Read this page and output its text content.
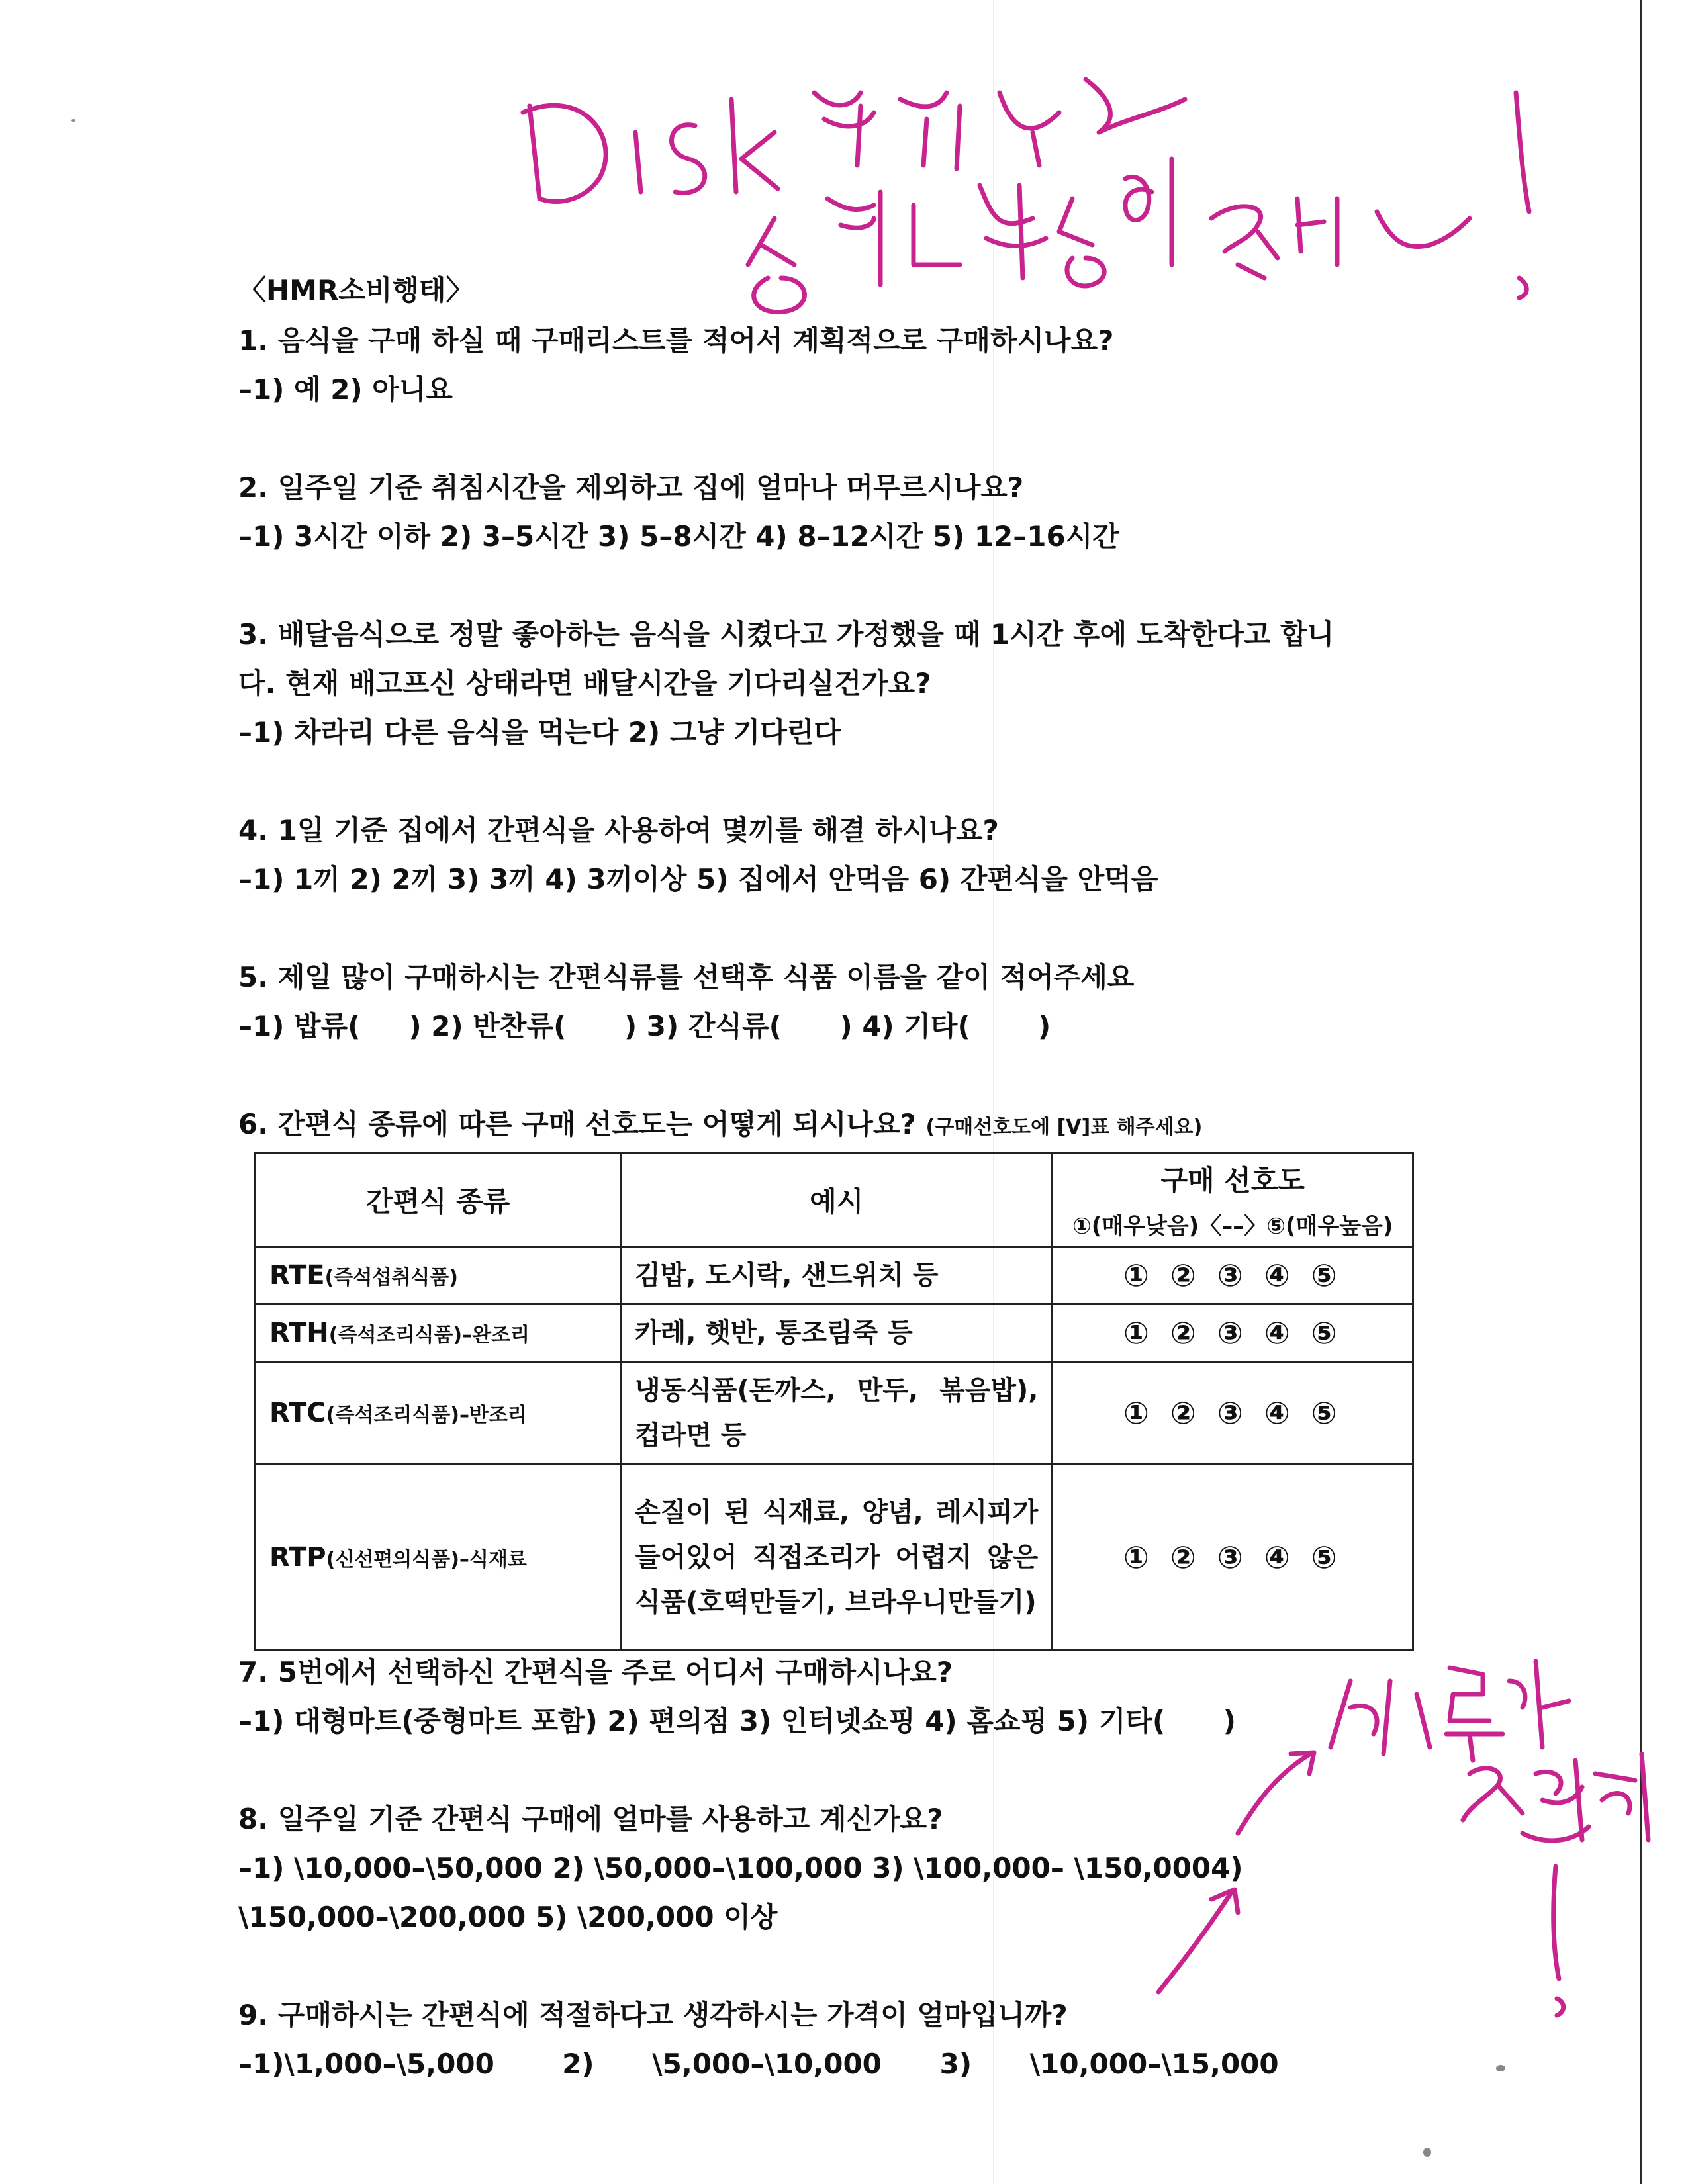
〈HMR소비행태〉
1. 음식을 구매 하실 때 구매리스트를 적어서 계획적으로 구매하시나요?
–1) 예 2) 아니요
2. 일주일 기준 취침시간을 제외하고 집에 얼마나 머무르시나요?
–1) 3시간 이하 2) 3–5시간 3) 5–8시간 4) 8–12시간 5) 12–16시간
3. 배달음식으로 정말 좋아하는 음식을 시켰다고 가정했을 때 1시간 후에 도착한다고 합니
다. 현재 배고프신 상태라면 배달시간을 기다리실건가요?
–1) 차라리 다른 음식을 먹는다 2) 그냥 기다린다
4. 1일 기준 집에서 간편식을 사용하여 몇끼를 해결 하시나요?
–1) 1끼 2) 2끼 3) 3끼 4) 3끼이상 5) 집에서 안먹음 6) 간편식을 안먹음
5. 제일 많이 구매하시는 간편식류를 선택후 식품 이름을 같이 적어주세요
–1) 밥류(     ) 2) 반찬류(      ) 3) 간식류(      ) 4) 기타(       )
6. 간편식 종류에 따른 구매 선호도는 어떻게 되시나요? (구매선호도에 [V]표 해주세요)
간편식 종류	예시	구매 선호도
①(매우낮음)〈––〉⑤(매우높음)

RTE(즉석섭취식품)	김밥, 도시락, 샌드위치 등	① ② ③ ④ ⑤
RTH(즉석조리식품)–완조리	카레, 햇반, 통조림죽 등	① ② ③ ④ ⑤
RTC(즉석조리식품)–반조리	냉동식품(돈까스, 만두, 볶음밥), 컵라면 등	① ② ③ ④ ⑤
RTP(신선편의식품)–식재료	손질이 된 식재료, 양념, 레시피가 들어있어 직접조리가 어렵지 않은 식품(호떡만들기, 브라우니만들기)	① ② ③ ④ ⑤
7. 5번에서 선택하신 간편식을 주로 어디서 구매하시나요?
–1) 대형마트(중형마트 포함) 2) 편의점 3) 인터넷쇼핑 4) 홈쇼핑 5) 기타(      )
8. 일주일 기준 간편식 구매에 얼마를 사용하고 계신가요?
–1) \10,000–\50,000 2) \50,000–\100,000 3) \100,000– \150,0004)
\150,000–\200,000 5) \200,000 이상
9. 구매하시는 간편식에 적절하다고 생각하시는 가격이 얼마입니까?
–1)\1,000–\5,000       2)      \5,000–\10,000      3)      \10,000–\15,000
